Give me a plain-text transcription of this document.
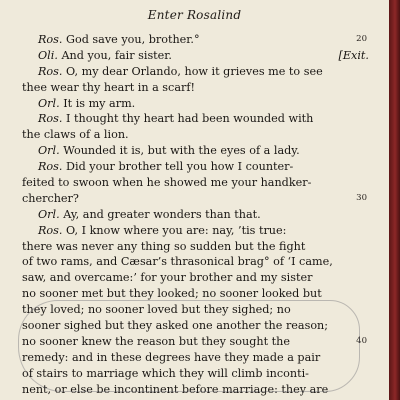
Enter Rosalind
Ros. God save you, brother.°	20
Oli. And you, fair sister.	[Exit.
Ros. O, my dear Orlando, how it grieves me to see
thee wear thy heart in a scarf!
Orl. It is my arm.
Ros. I thought thy heart had been wounded with
the claws of a lion.
Orl. Wounded it is, but with the eyes of a lady.
Ros. Did your brother tell you how I counter-
feited to swoon when he showed me your handker-
chercher?	30
Orl. Ay, and greater wonders than that.
Ros. O, I know where you are: nay, ’tis true:
there was never any thing so sudden but the fight
of two rams, and Cæsar’s thrasonical brag° of ‘I came,
saw, and overcame:’ for your brother and my sister
no sooner met but they looked; no sooner looked but
they loved; no sooner loved but they sighed; no
sooner sighed but they asked one another the reason;
no sooner knew the reason but they sought the	40
remedy: and in these degrees have they made a pair
of stairs to marriage which they will climb inconti-
nent, or else be incontinent before marriage: they are
